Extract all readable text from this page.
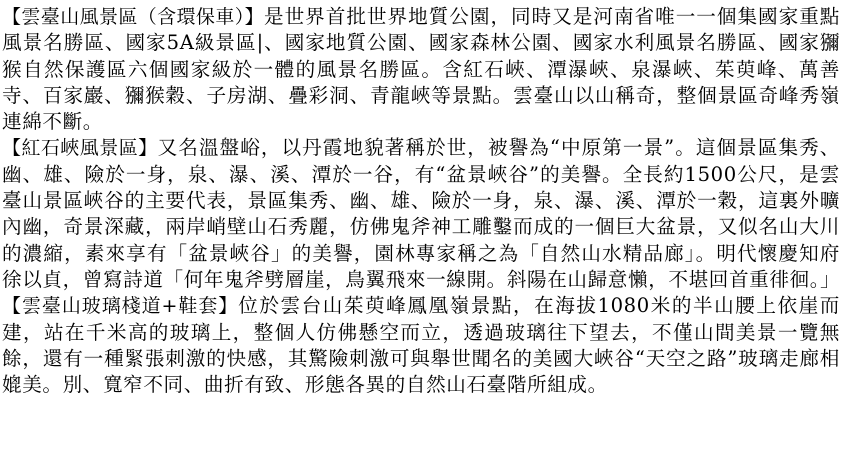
【雲臺山風景區（含環保車）】是世界首批世界地質公園，同時又是河南省唯一一個集國家重點風景名勝區、國家5A級景區|、國家地質公園、國家森林公園、國家水利風景名勝區、國家獼猴自然保護區六個國家級於一體的風景名勝區。含紅石峽、潭瀑峽、泉瀑峽、茱萸峰、萬善寺、百家巖、獼猴穀、子房湖、疊彩洞、青龍峽等景點。雲臺山以山稱奇，整個景區奇峰秀嶺連綿不斷。

【紅石峽風景區】又名溫盤峪，以丹霞地貌著稱於世，被譽為“中原第一景”。這個景區集秀、幽、雄、險於一身，泉、瀑、溪、潭於一谷，有“盆景峽谷”的美譽。全長約1500公尺，是雲臺山景區峽谷的主要代表，景區集秀、幽、雄、險於一身，泉、瀑、溪、潭於一穀，這裏外曠內幽，奇景深藏，兩岸峭壁山石秀麗，仿佛鬼斧神工雕鑿而成的一個巨大盆景，又似名山大川的濃縮，素來享有「盆景峽谷」的美譽，園林專家稱之為「自然山水精品廊」。明代懷慶知府徐以貞，曾寫詩道「何年鬼斧劈層崖，鳥翼飛來一線開。斜陽在山歸意懶，不堪回首重徘徊。」

【雲臺山玻璃棧道+鞋套】位於雲台山茱萸峰鳳凰嶺景點，在海拔1080米的半山腰上依崖而建，站在千米高的玻璃上，整個人仿佛懸空而立，透過玻璃往下望去，不僅山間美景一覽無餘，還有一種緊張刺激的快感，其驚險刺激可與舉世聞名的美國大峽谷“天空之路”玻璃走廊相媲美。別、寬窄不同、曲折有致、形態各異的自然山石臺階所組成。
